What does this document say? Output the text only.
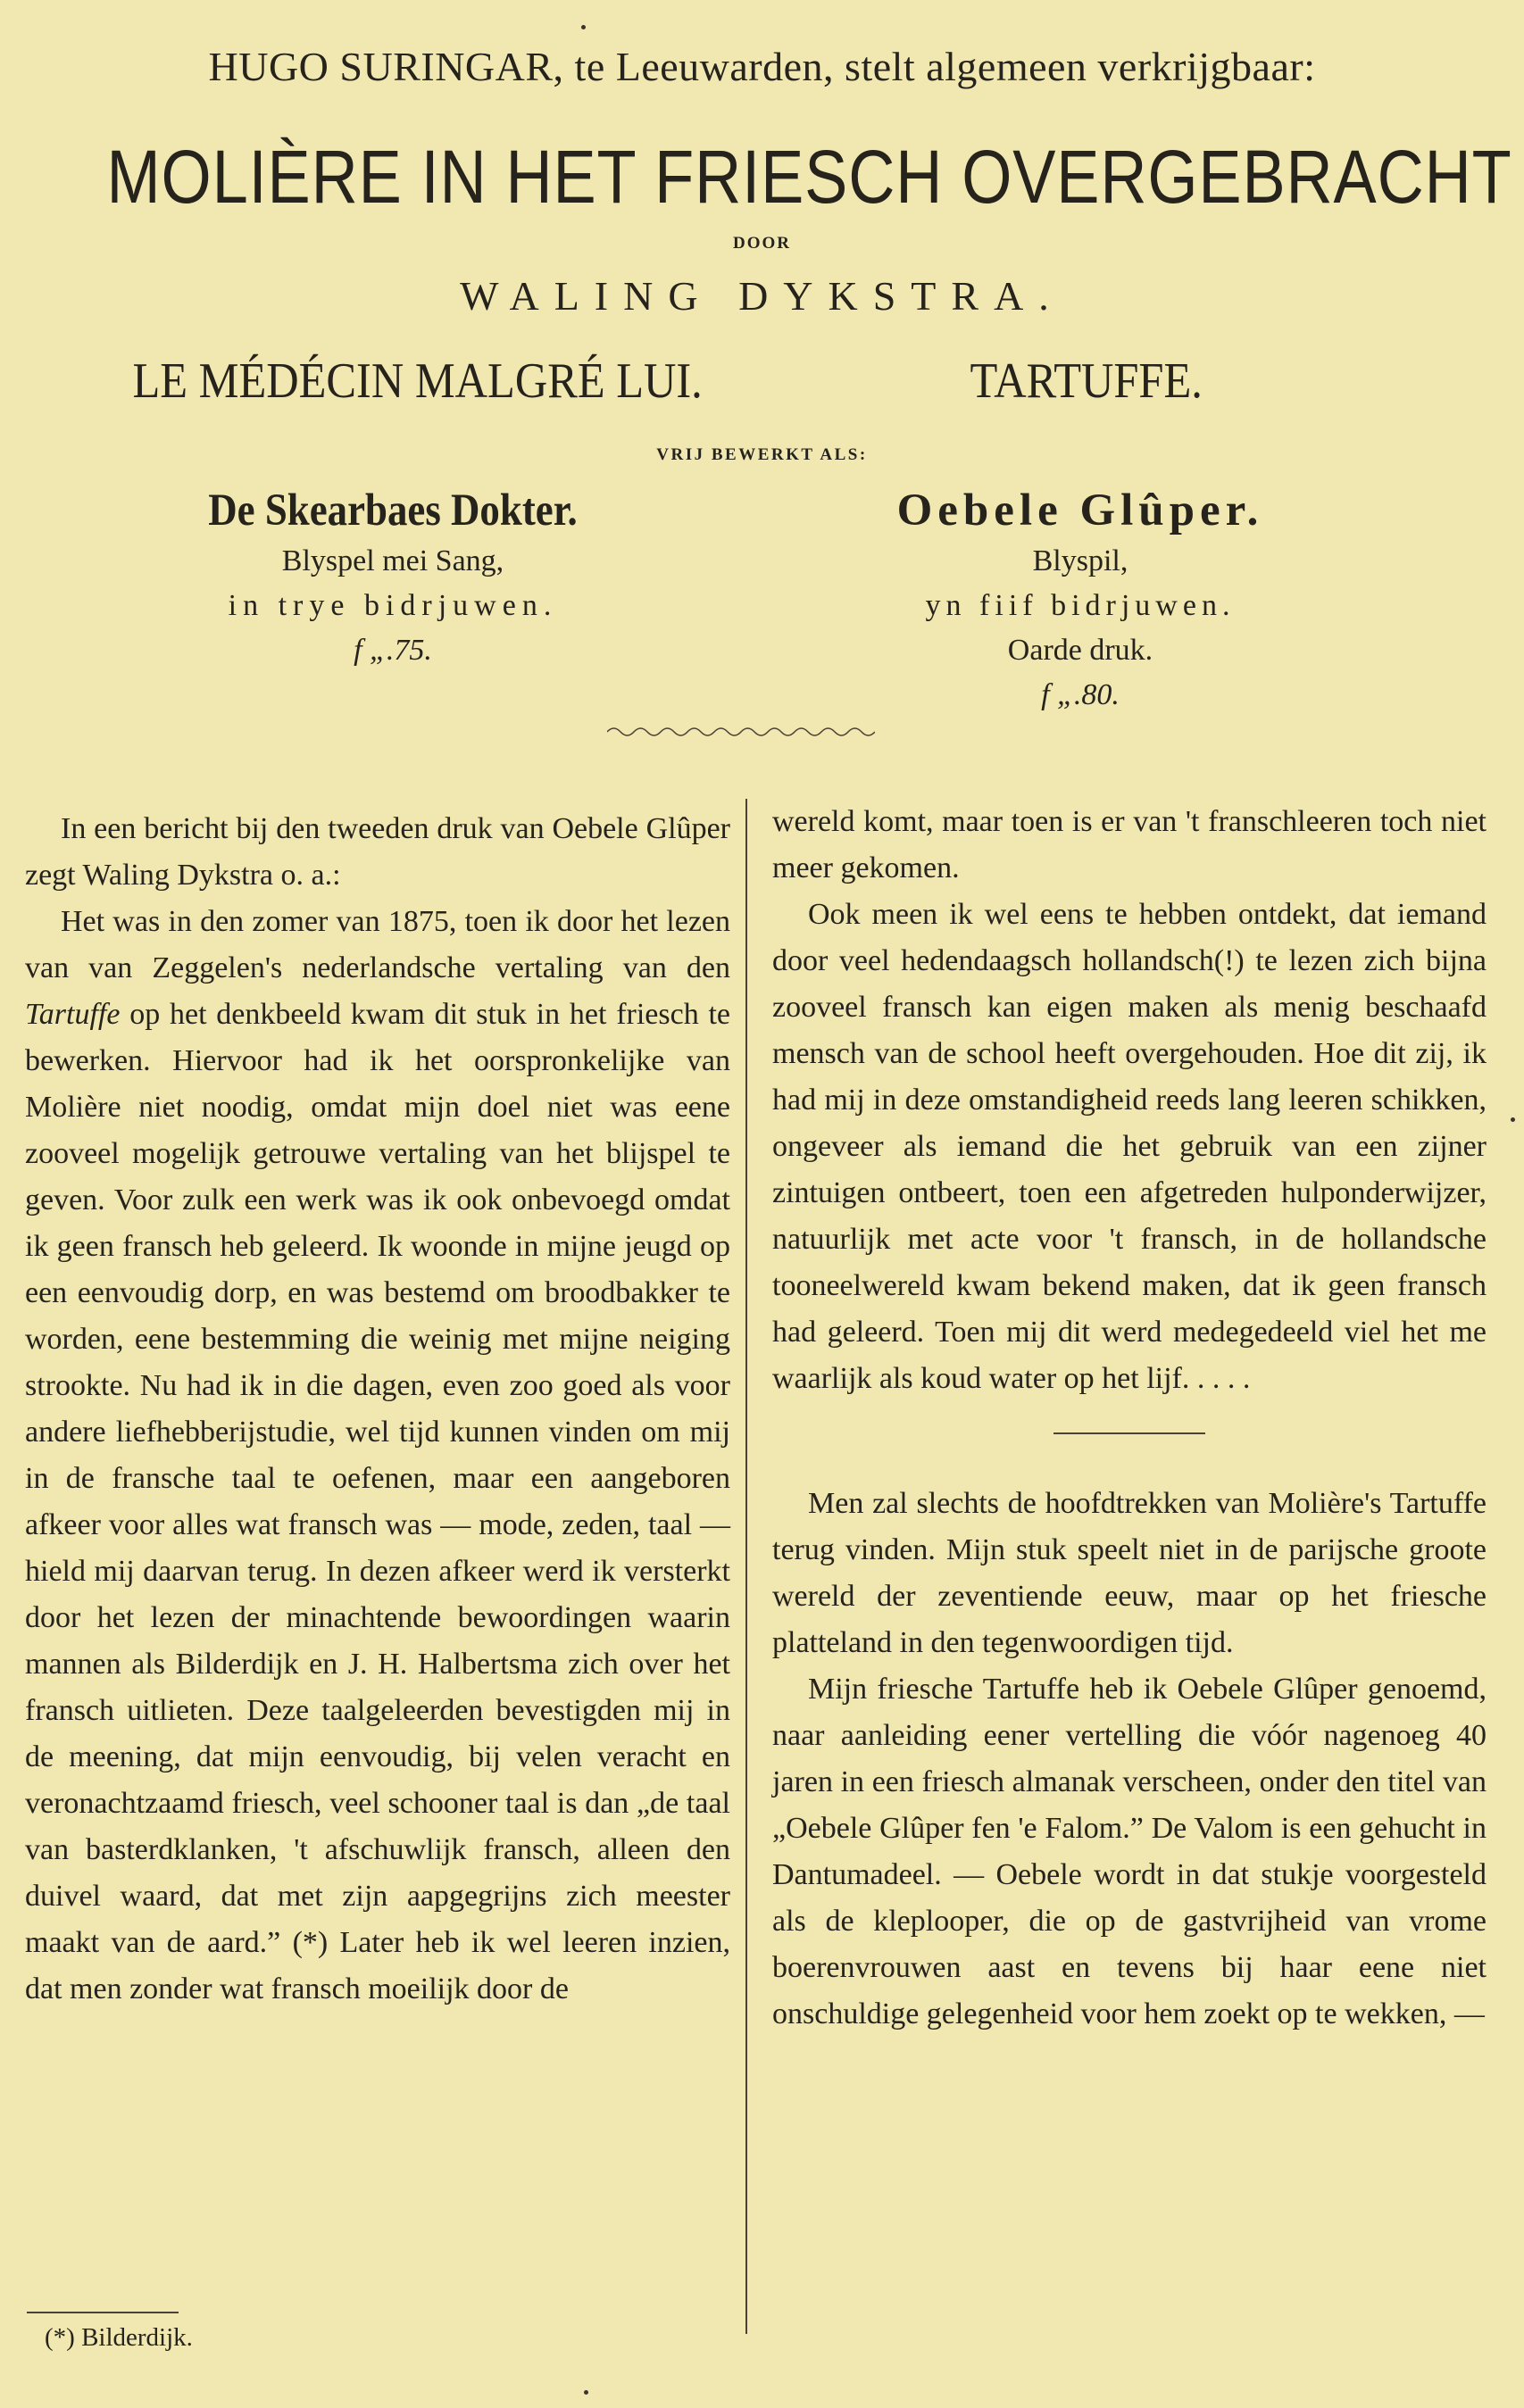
HUGO SURINGAR, te Leeuwarden, stelt algemeen verkrijgbaar:
MOLIÈRE IN HET FRIESCH OVERGEBRACHT
DOOR
WALING DYKSTRA.
LE MÉDÉCIN MALGRÉ LUI.	TARTUFFE.
VRIJ BEWERKT ALS:
De Skearbaes Dokter.
Blyspel mei Sang,
in trye bidrjuwen.
f „.75.
Oebele Glûper.
Blyspil,
yn fiif bidrjuwen.
Oarde druk.
f „.80.

In een bericht bij den tweeden druk van Oebele Glûper zegt Waling Dykstra o. a.:

Het was in den zomer van 1875, toen ik door het lezen van van Zeggelen's nederlandsche vertaling van den Tartuffe op het denkbeeld kwam dit stuk in het friesch te bewerken. Hiervoor had ik het oorspronkelijke van Molière niet noodig, omdat mijn doel niet was eene zooveel mogelijk getrouwe vertaling van het blijspel te geven. Voor zulk een werk was ik ook onbevoegd omdat ik geen fransch heb geleerd. Ik woonde in mijne jeugd op een eenvoudig dorp, en was bestemd om broodbakker te worden, eene bestemming die weinig met mijne neiging strookte. Nu had ik in die dagen, even zoo goed als voor andere liefhebberijstudie, wel tijd kunnen vinden om mij in de fransche taal te oefenen, maar een aangeboren afkeer voor alles wat fransch was — mode, zeden, taal — hield mij daarvan terug. In dezen afkeer werd ik versterkt door het lezen der minachtende bewoordingen waarin mannen als Bilderdijk en J. H. Halbertsma zich over het fransch uitlieten. Deze taalgeleerden bevestigden mij in de meening, dat mijn eenvoudig, bij velen veracht en veronachtzaamd friesch, veel schooner taal is dan „de taal van basterdklanken, 't afschuwlijk fransch, alleen den duivel waard, dat met zijn aapgegrijns zich meester maakt van de aard.” (*) Later heb ik wel leeren inzien, dat men zonder wat fransch moeilijk door de

wereld komt, maar toen is er van 't franschleeren toch niet meer gekomen.

Ook meen ik wel eens te hebben ontdekt, dat iemand door veel hedendaagsch hollandsch(!) te lezen zich bijna zooveel fransch kan eigen maken als menig beschaafd mensch van de school heeft overgehouden. Hoe dit zij, ik had mij in deze omstandigheid reeds lang leeren schikken, ongeveer als iemand die het gebruik van een zijner zintuigen ontbeert, toen een afgetreden hulponderwijzer, natuurlijk met acte voor 't fransch, in de hollandsche tooneelwereld kwam bekend maken, dat ik geen fransch had geleerd. Toen mij dit werd medegedeeld viel het me waarlijk als koud water op het lijf. . . . .

Men zal slechts de hoofdtrekken van Molière's Tartuffe terug vinden. Mijn stuk speelt niet in de parijsche groote wereld der zeventiende eeuw, maar op het friesche platteland in den tegenwoordigen tijd.

Mijn friesche Tartuffe heb ik Oebele Glûper genoemd, naar aanleiding eener vertelling die vóór nagenoeg 40 jaren in een friesch almanak verscheen, onder den titel van „Oebele Glûper fen 'e Falom.” De Valom is een gehucht in Dantumadeel. — Oebele wordt in dat stukje voorgesteld als de kleplooper, die op de gastvrijheid van vrome boerenvrouwen aast en tevens bij haar eene niet onschuldige gelegenheid voor hem zoekt op te wekken, —

(*) Bilderdijk.
